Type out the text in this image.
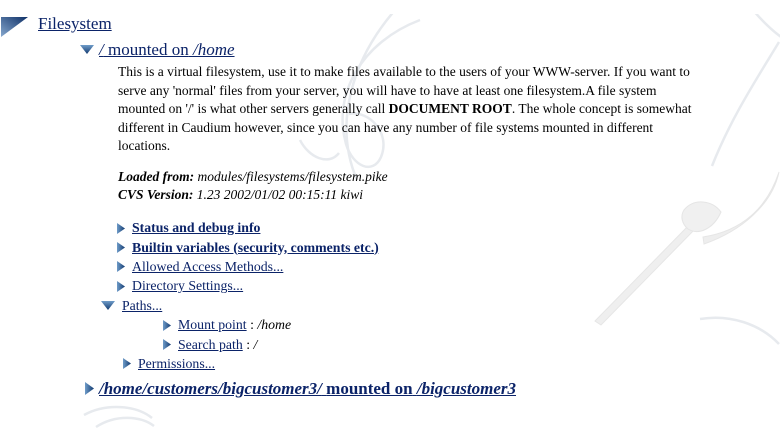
Filesystem
/ mounted on /home

This is a virtual filesystem, use it to make files available to the users of your WWW-server. If you want to serve any 'normal' files from your server, you will have to have at least one filesystem.A file system mounted on '/' is what other servers generally call DOCUMENT ROOT. The whole concept is somewhat different in Caudium however, since you can have any number of file systems mounted in different locations.

Loaded from: modules/filesystems/filesystem.pike
CVS Version: 1.23 2002/01/02 00:15:11 kiwi
Status and debug info
Builtin variables (security, comments etc.)
Allowed Access Methods...
Directory Settings...
Paths...
Mount point : /home
Search path : /
Permissions...
/home/customers/bigcustomer3/ mounted on /bigcustomer3
